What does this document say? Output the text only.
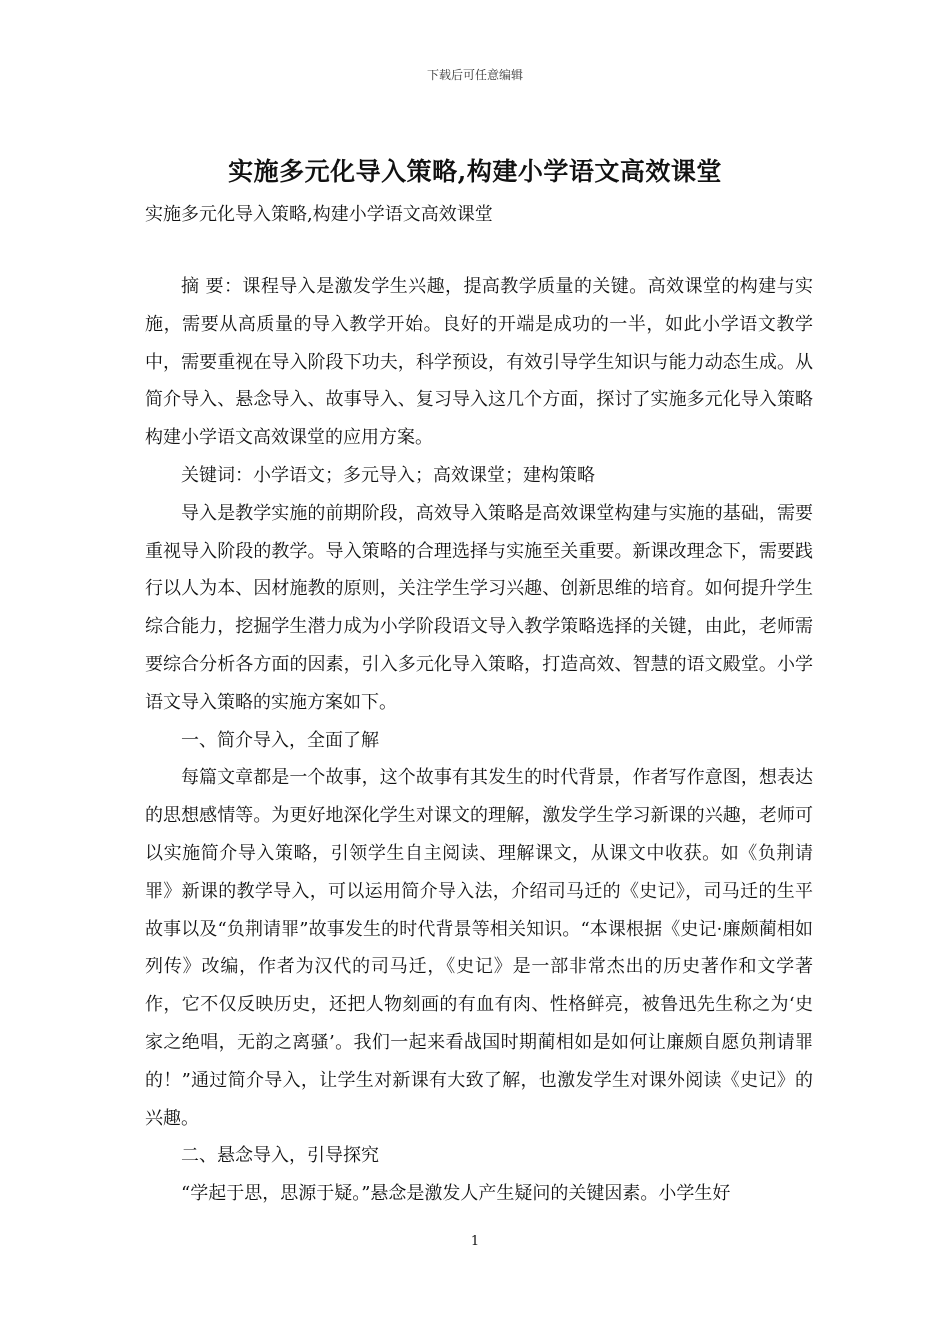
下载后可任意编辑
实施多元化导入策略,构建小学语文高效课堂
实施多元化导入策略,构建小学语文高效课堂

摘 要：课程导入是激发学生兴趣，提高教学质量的关键。高效课堂的构建与实施，需要从高质量的导入教学开始。良好的开端是成功的一半，如此小学语文教学中，需要重视在导入阶段下功夫，科学预设，有效引导学生知识与能力动态生成。从简介导入、悬念导入、故事导入、复习导入这几个方面，探讨了实施多元化导入策略构建小学语文高效课堂的应用方案。

关键词：小学语文；多元导入；高效课堂；建构策略

导入是教学实施的前期阶段，高效导入策略是高效课堂构建与实施的基础，需要重视导入阶段的教学。导入策略的合理选择与实施至关重要。新课改理念下，需要践行以人为本、因材施教的原则，关注学生学习兴趣、创新思维的培育。如何提升学生综合能力，挖掘学生潜力成为小学阶段语文导入教学策略选择的关键，由此，老师需要综合分析各方面的因素，引入多元化导入策略，打造高效、智慧的语文殿堂。小学语文导入策略的实施方案如下。

一、简介导入，全面了解

每篇文章都是一个故事，这个故事有其发生的时代背景，作者写作意图，想表达的思想感情等。为更好地深化学生对课文的理解，激发学生学习新课的兴趣，老师可以实施简介导入策略，引领学生自主阅读、理解课文，从课文中收获。如《负荆请罪》新课的教学导入，可以运用简介导入法，介绍司马迁的《史记》，司马迁的生平故事以及“负荆请罪”故事发生的时代背景等相关知识。“本课根据《史记·廉颇蔺相如列传》改编，作者为汉代的司马迁，《史记》是一部非常杰出的历史著作和文学著作，它不仅反映历史，还把人物刻画的有血有肉、性格鲜亮，被鲁迅先生称之为‘史家之绝唱，无韵之离骚’。我们一起来看战国时期蔺相如是如何让廉颇自愿负荆请罪的！”通过简介导入，让学生对新课有大致了解，也激发学生对课外阅读《史记》的兴趣。

二、悬念导入，引导探究

“学起于思，思源于疑。”悬念是激发人产生疑问的关键因素。小学生好

1
